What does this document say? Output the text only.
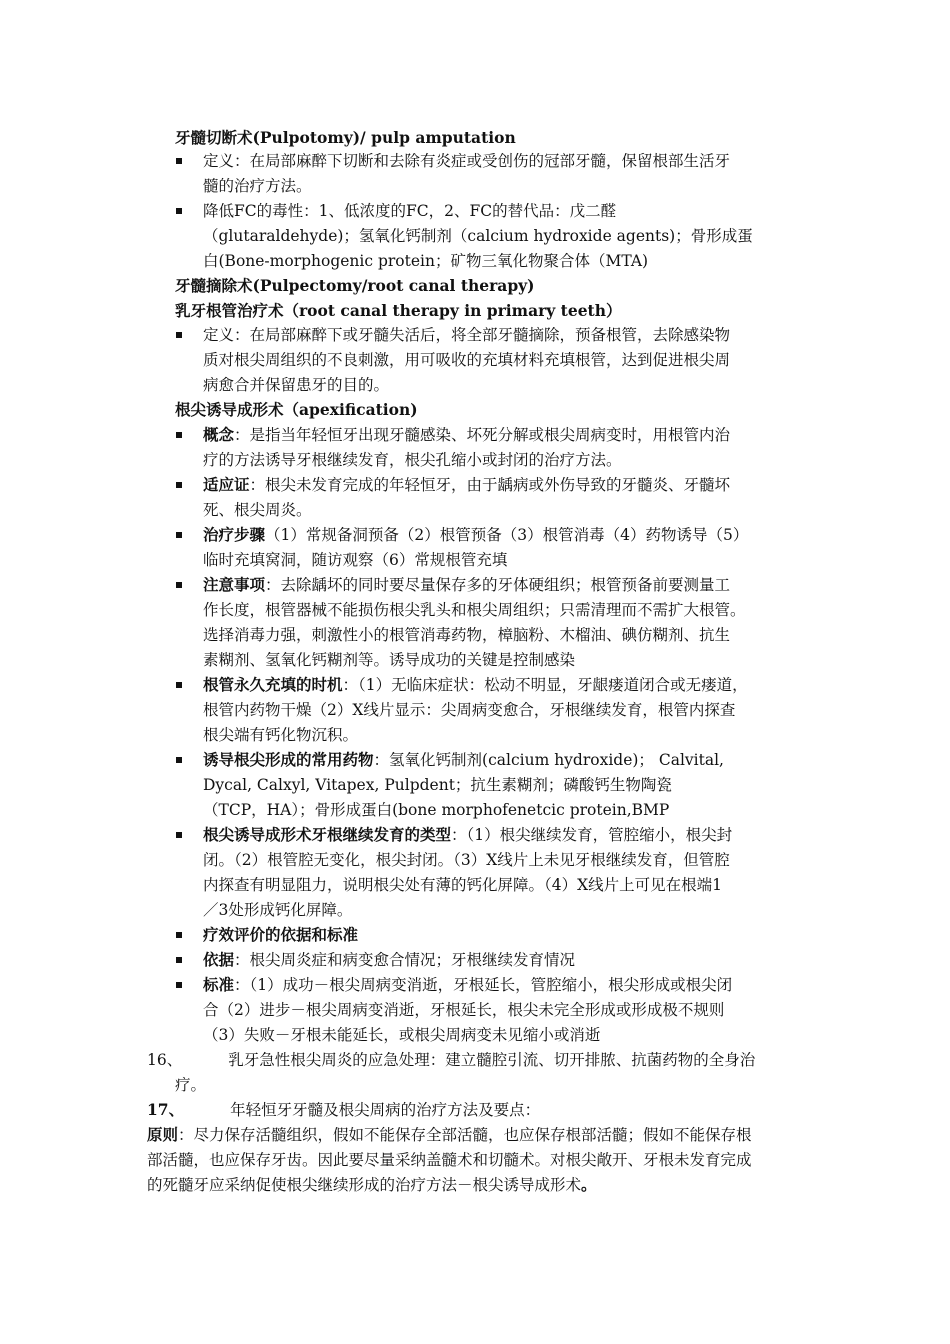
牙髓切断术(Pulpotomy)/ pulp amputation
定义：在局部麻醉下切断和去除有炎症或受创伤的冠部牙髓，保留根部生活牙
髓的治疗方法。
降低FC的毒性：1、低浓度的FC，2、FC的替代品：戊二醛
（glutaraldehyde)；氢氧化钙制剂（calcium hydroxide agents)；骨形成蛋
白(Bone-morphogenic protein；矿物三氧化物聚合体（MTA)
牙髓摘除术(Pulpectomy/root canal therapy)
乳牙根管治疗术（root canal therapy in primary teeth）
定义：在局部麻醉下或牙髓失活后，将全部牙髓摘除，预备根管，去除感染物
质对根尖周组织的不良刺激，用可吸收的充填材料充填根管，达到促进根尖周
病愈合并保留患牙的目的。
根尖诱导成形术（apexification)
概念：是指当年轻恒牙出现牙髓感染、坏死分解或根尖周病变时，用根管内治
疗的方法诱导牙根继续发育，根尖孔缩小或封闭的治疗方法。
适应证：根尖未发育完成的年轻恒牙，由于龋病或外伤导致的牙髓炎、牙髓坏
死、根尖周炎。
治疗步骤（1）常规备洞预备（2）根管预备（3）根管消毒（4）药物诱导（5）
临时充填窝洞，随访观察（6）常规根管充填
注意事项：去除龋坏的同时要尽量保存多的牙体硬组织；根管预备前要测量工
作长度，根管器械不能损伤根尖乳头和根尖周组织；只需清理而不需扩大根管。
选择消毒力强，刺激性小的根管消毒药物，樟脑粉、木榴油、碘仿糊剂、抗生
素糊剂、氢氧化钙糊剂等。诱导成功的关键是控制感染
根管永久充填的时机：（1）无临床症状：松动不明显，牙龈瘘道闭合或无瘘道，
根管内药物干燥（2）X线片显示：尖周病变愈合，牙根继续发育，根管内探查
根尖端有钙化物沉积。
诱导根尖形成的常用药物：氢氧化钙制剂(calcium hydroxide)； Calvital,
Dycal, Calxyl, Vitapex, Pulpdent；抗生素糊剂；磷酸钙生物陶瓷
（TCP，HA）；骨形成蛋白(bone morphofenetcic protein,BMP
根尖诱导成形术牙根继续发育的类型：（1）根尖继续发育，管腔缩小，根尖封
闭。（2）根管腔无变化，根尖封闭。（3）X线片上未见牙根继续发育，但管腔
内探查有明显阻力，说明根尖处有薄的钙化屏障。（4）X线片上可见在根端1
／3处形成钙化屏障。
疗效评价的依据和标准
依据：根尖周炎症和病变愈合情况；牙根继续发育情况
标准：（1）成功－根尖周病变消逝，牙根延长，管腔缩小，根尖形成或根尖闭
合（2）进步－根尖周病变消逝，牙根延长，根尖未完全形成或形成极不规则
（3）失败－牙根未能延长，或根尖周病变未见缩小或消逝
16、	乳牙急性根尖周炎的应急处理：建立髓腔引流、切开排脓、抗菌药物的全身治
疗。
17、	年轻恒牙牙髓及根尖周病的治疗方法及要点：
原则：尽力保存活髓组织，假如不能保存全部活髓，也应保存根部活髓；假如不能保存根
部活髓，也应保存牙齿。因此要尽量采纳盖髓术和切髓术。对根尖敞开、牙根未发育完成
的死髓牙应采纳促使根尖继续形成的治疗方法－根尖诱导成形术。
